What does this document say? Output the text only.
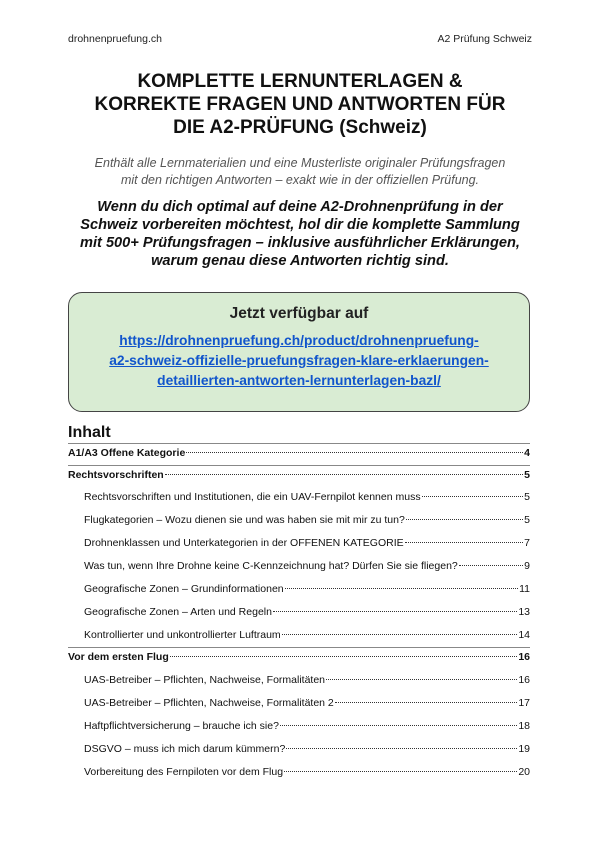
drohnenpruefung.ch	A2 Prüfung Schweiz
KOMPLETTE LERNUNTERLAGEN &
KORREKTE FRAGEN UND ANTWORTEN FÜR
DIE A2-PRÜFUNG (Schweiz)
Enthält alle Lernmaterialien und eine Musterliste originaler Prüfungsfragen
mit den richtigen Antworten – exakt wie in der offiziellen Prüfung.
Wenn du dich optimal auf deine A2-Drohnenprüfung in der
Schweiz vorbereiten möchtest, hol dir die komplette Sammlung
mit 500+ Prüfungsfragen – inklusive ausführlicher Erklärungen,
warum genau diese Antworten richtig sind.
Jetzt verfügbar auf
https://drohnenpruefung.ch/product/drohnenpruefung-
a2-schweiz-offizielle-pruefungsfragen-klare-erklaerungen-
detaillierten-antworten-lernunterlagen-bazl/
Inhalt
A1/A3 Offene Kategorie	4
Rechtsvorschriften	5
Rechtsvorschriften und Institutionen, die ein UAV-Fernpilot kennen muss	5
Flugkategorien – Wozu dienen sie und was haben sie mit mir zu tun?	5
Drohnenklassen und Unterkategorien in der OFFENEN KATEGORIE	7
Was tun, wenn Ihre Drohne keine C-Kennzeichnung hat? Dürfen Sie sie fliegen?	9
Geografische Zonen – Grundinformationen	11
Geografische Zonen – Arten und Regeln	13
Kontrollierter und unkontrollierter Luftraum	14
Vor dem ersten Flug	16
UAS-Betreiber – Pflichten, Nachweise, Formalitäten	16
UAS-Betreiber – Pflichten, Nachweise, Formalitäten 2	17
Haftpflichtversicherung – brauche ich sie?	18
DSGVO – muss ich mich darum kümmern?	19
Vorbereitung des Fernpiloten vor dem Flug	20
